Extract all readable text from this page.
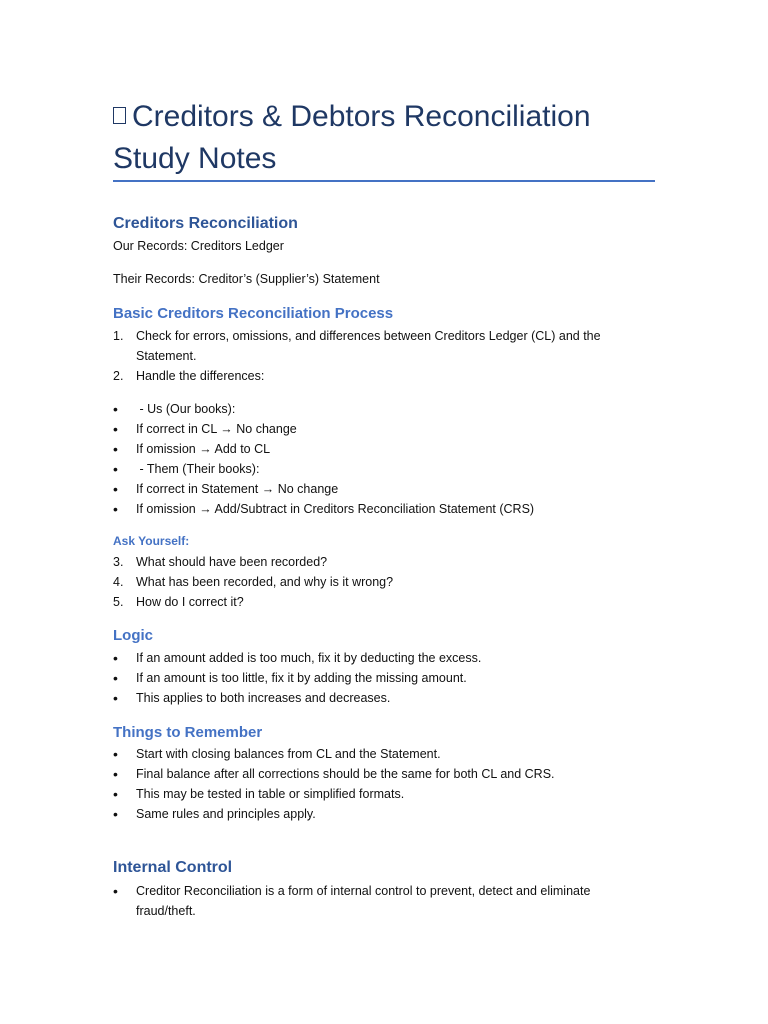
Creditors & Debtors Reconciliation
Study Notes
Creditors Reconciliation

Our Records: Creditors Ledger

Their Records: Creditor’s (Supplier’s) Statement

Basic Creditors Reconciliation Process
1. Check for errors, omissions, and differences between Creditors Ledger (CL) and the Statement.
2. Handle the differences:
• - Us (Our books):
• If correct in CL → No change
• If omission → Add to CL
• - Them (Their books):
• If correct in Statement → No change
• If omission → Add/Subtract in Creditors Reconciliation Statement (CRS)
Ask Yourself:
3. What should have been recorded?
4. What has been recorded, and why is it wrong?
5. How do I correct it?
Logic
• If an amount added is too much, fix it by deducting the excess.
• If an amount is too little, fix it by adding the missing amount.
• This applies to both increases and decreases.
Things to Remember
• Start with closing balances from CL and the Statement.
• Final balance after all corrections should be the same for both CL and CRS.
• This may be tested in table or simplified formats.
• Same rules and principles apply.
Internal Control
• Creditor Reconciliation is a form of internal control to prevent, detect and eliminate fraud/theft.
